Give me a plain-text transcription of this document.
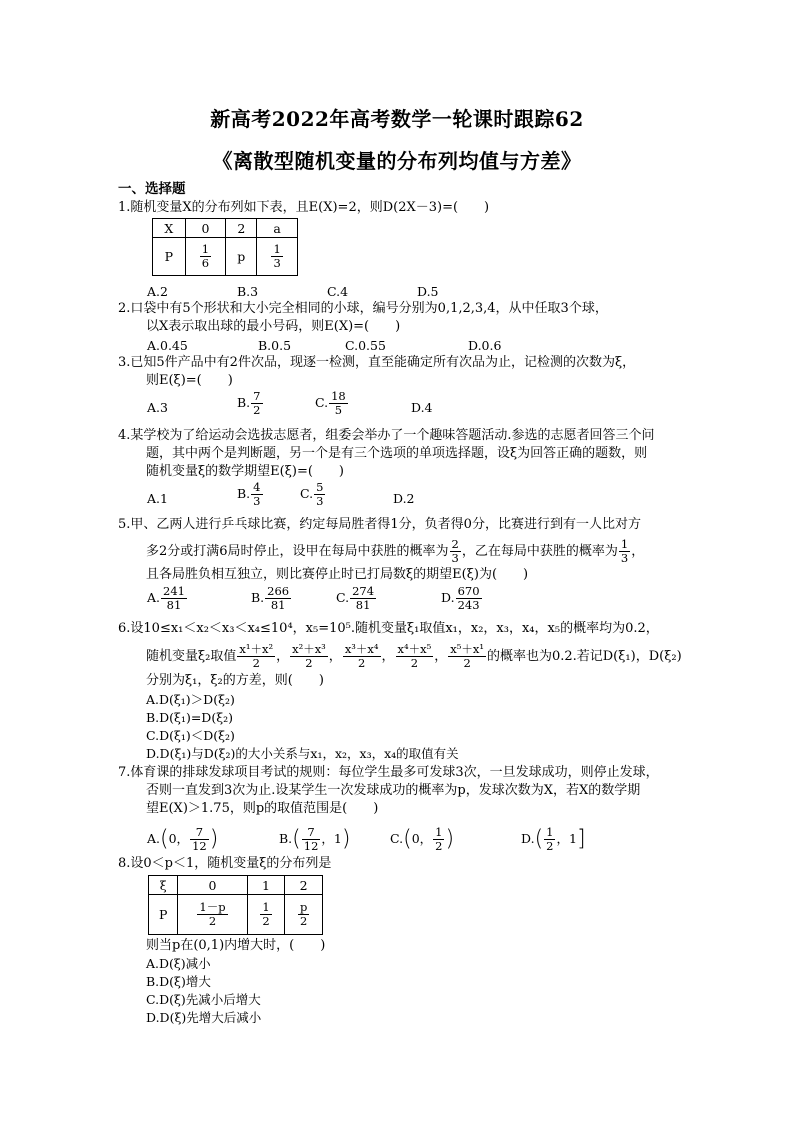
新高考2022年高考数学一轮课时跟踪62
《离散型随机变量的分布列均值与方差》
一、选择题
1.随机变量X的分布列如下表，且E(X)=2，则D(2X－3)=(　　)
X	0	2	a
P	$\frac{1}{6}$	p	$\frac{1}{3}$
A.2	B.3	C.4	D.5
2.口袋中有5个形状和大小完全相同的小球，编号分别为0,1,2,3,4，从中任取3个球，
以X表示取出球的最小号码，则E(X)=(　　)
A.0.45	B.0.5	C.0.55	D.0.6
3.已知5件产品中有2件次品，现逐一检测，直至能确定所有次品为止，记检测的次数为ξ，
则E(ξ)=(　　)
A.3	B. $\frac{7}{2}$	C. $\frac{18}{5}$	D.4
4.某学校为了给运动会选拔志愿者，组委会举办了一个趣味答题活动.参选的志愿者回答三个问
题，其中两个是判断题，另一个是有三个选项的单项选择题，设ξ为回答正确的题数，则
随机变量ξ的数学期望E(ξ)=(　　)
A.1	B. $\frac{4}{3}$	C. $\frac{5}{3}$	D.2
5.甲、乙两人进行乒乓球比赛，约定每局胜者得1分，负者得0分，比赛进行到有一人比对方
多2分或打满6局时停止，设甲在每局中获胜的概率为 $\frac{2}{3}$ ，乙在每局中获胜的概率为 $\frac{1}{3}$ ，
且各局胜负相互独立，则比赛停止时已打局数ξ的期望E(ξ)为(　　)
A. $\frac{241}{81}$	B. $\frac{266}{81}$	C. $\frac{274}{81}$	D. $\frac{670}{243}$
6.设10≤x₁＜x₂＜x₃＜x₄≤10⁴，x₅=10⁵.随机变量ξ₁取值x₁，x₂，x₃，x₄，x₅的概率均为0.2，
随机变量ξ₂取值 $\frac{\text{x¹＋x²}}{2}$ ， $\frac{\text{x²＋x³}}{2}$ ， $\frac{\text{x³＋x⁴}}{2}$ ， $\frac{\text{x⁴＋x⁵}}{2}$ ， $\frac{\text{x⁵＋x¹}}{2}$ 的概率也为0.2.若记D(ξ₁)，D(ξ₂)
分别为ξ₁，ξ₂的方差，则(　　)
A.D(ξ₁)＞D(ξ₂)
B.D(ξ₁)=D(ξ₂)
C.D(ξ₁)＜D(ξ₂)
D.D(ξ₁)与D(ξ₂)的大小关系与x₁，x₂，x₃，x₄的取值有关
7.体育课的排球发球项目考试的规则：每位学生最多可发球3次，一旦发球成功，则停止发球，
否则一直发到3次为止.设某学生一次发球成功的概率为p，发球次数为X，若X的数学期
望E(X)＞1.75，则p的取值范围是(　　)
A.(0， $\frac{7}{12}$ )	$B.( \frac{7}{12}$ ，1)	C.(0， $\frac{1}{2}$ )	$D.( \frac{1}{2}$ ，1]
8.设0＜p＜1，随机变量ξ的分布列是
ξ	0	1	2
P	$\frac{1-p}{2}$	$\frac{1}{2}$	$\frac{p}{2}$
则当p在(0,1)内增大时，(　　)
A.D(ξ)减小
B.D(ξ)增大
C.D(ξ)先减小后增大
D.D(ξ)先增大后减小
